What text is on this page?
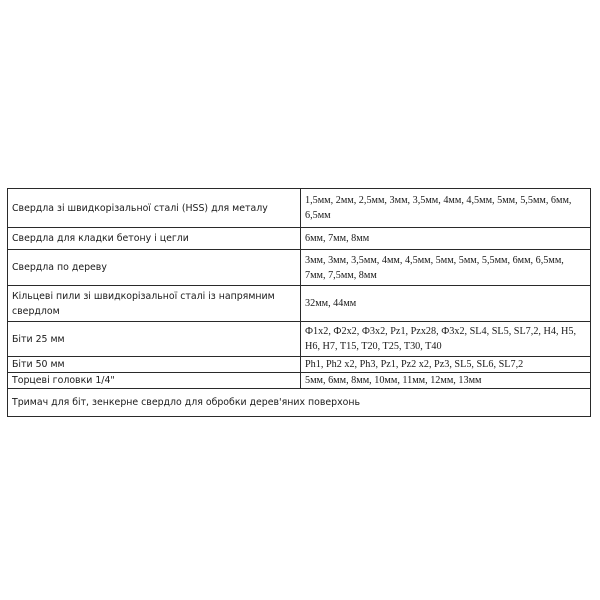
Свердла зі швидкорізальної сталі (HSS) для металу	1,5мм, 2мм, 2,5мм, 3мм, 3,5мм, 4мм, 4,5мм, 5мм, 5,5мм, 6мм, 6,5мм
Свердла для кладки бетону і цегли	6мм, 7мм, 8мм
Свердла по дереву	3мм, 3мм, 3,5мм, 4мм, 4,5мм, 5мм, 5мм, 5,5мм, 6мм, 6,5мм, 7мм, 7,5мм, 8мм
Кільцеві пили зі швидкорізальної сталі із напрямним свердлом	32мм, 44мм
Біти 25 мм	Ф1x2, Ф2x2, Ф3x2, Pz1, Pzx28, Ф3x2, SL4, SL5, SL7,2, H4, H5, H6, H7, T15, T20, T25, T30, T40
Біти 50 мм	Ph1, Ph2 x2, Ph3, Pz1, Pz2 x2, Pz3, SL5, SL6, SL7,2
Торцеві головки 1/4"	5мм, 6мм, 8мм, 10мм, 11мм, 12мм, 13мм
Тримач для біт, зенкерне свердло для обробки дерев'яних поверхонь	
